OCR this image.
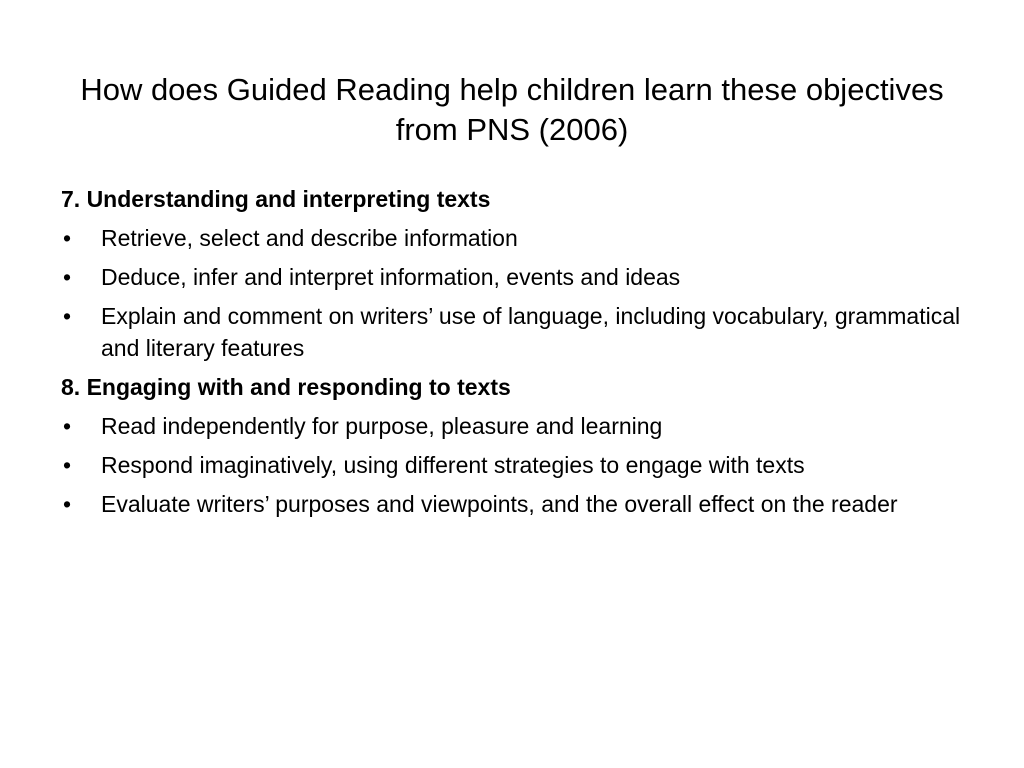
How does Guided Reading help children learn these objectives from PNS (2006)

7. Understanding and interpreting texts

• Retrieve, select and describe information
• Deduce, infer and interpret information, events and ideas
• Explain and comment on writers’ use of language, including vocabulary, grammatical and literary features

8. Engaging with and responding to texts

• Read independently for purpose, pleasure and learning
• Respond imaginatively, using different strategies to engage with texts
• Evaluate writers’ purposes and viewpoints, and the overall effect on the reader
